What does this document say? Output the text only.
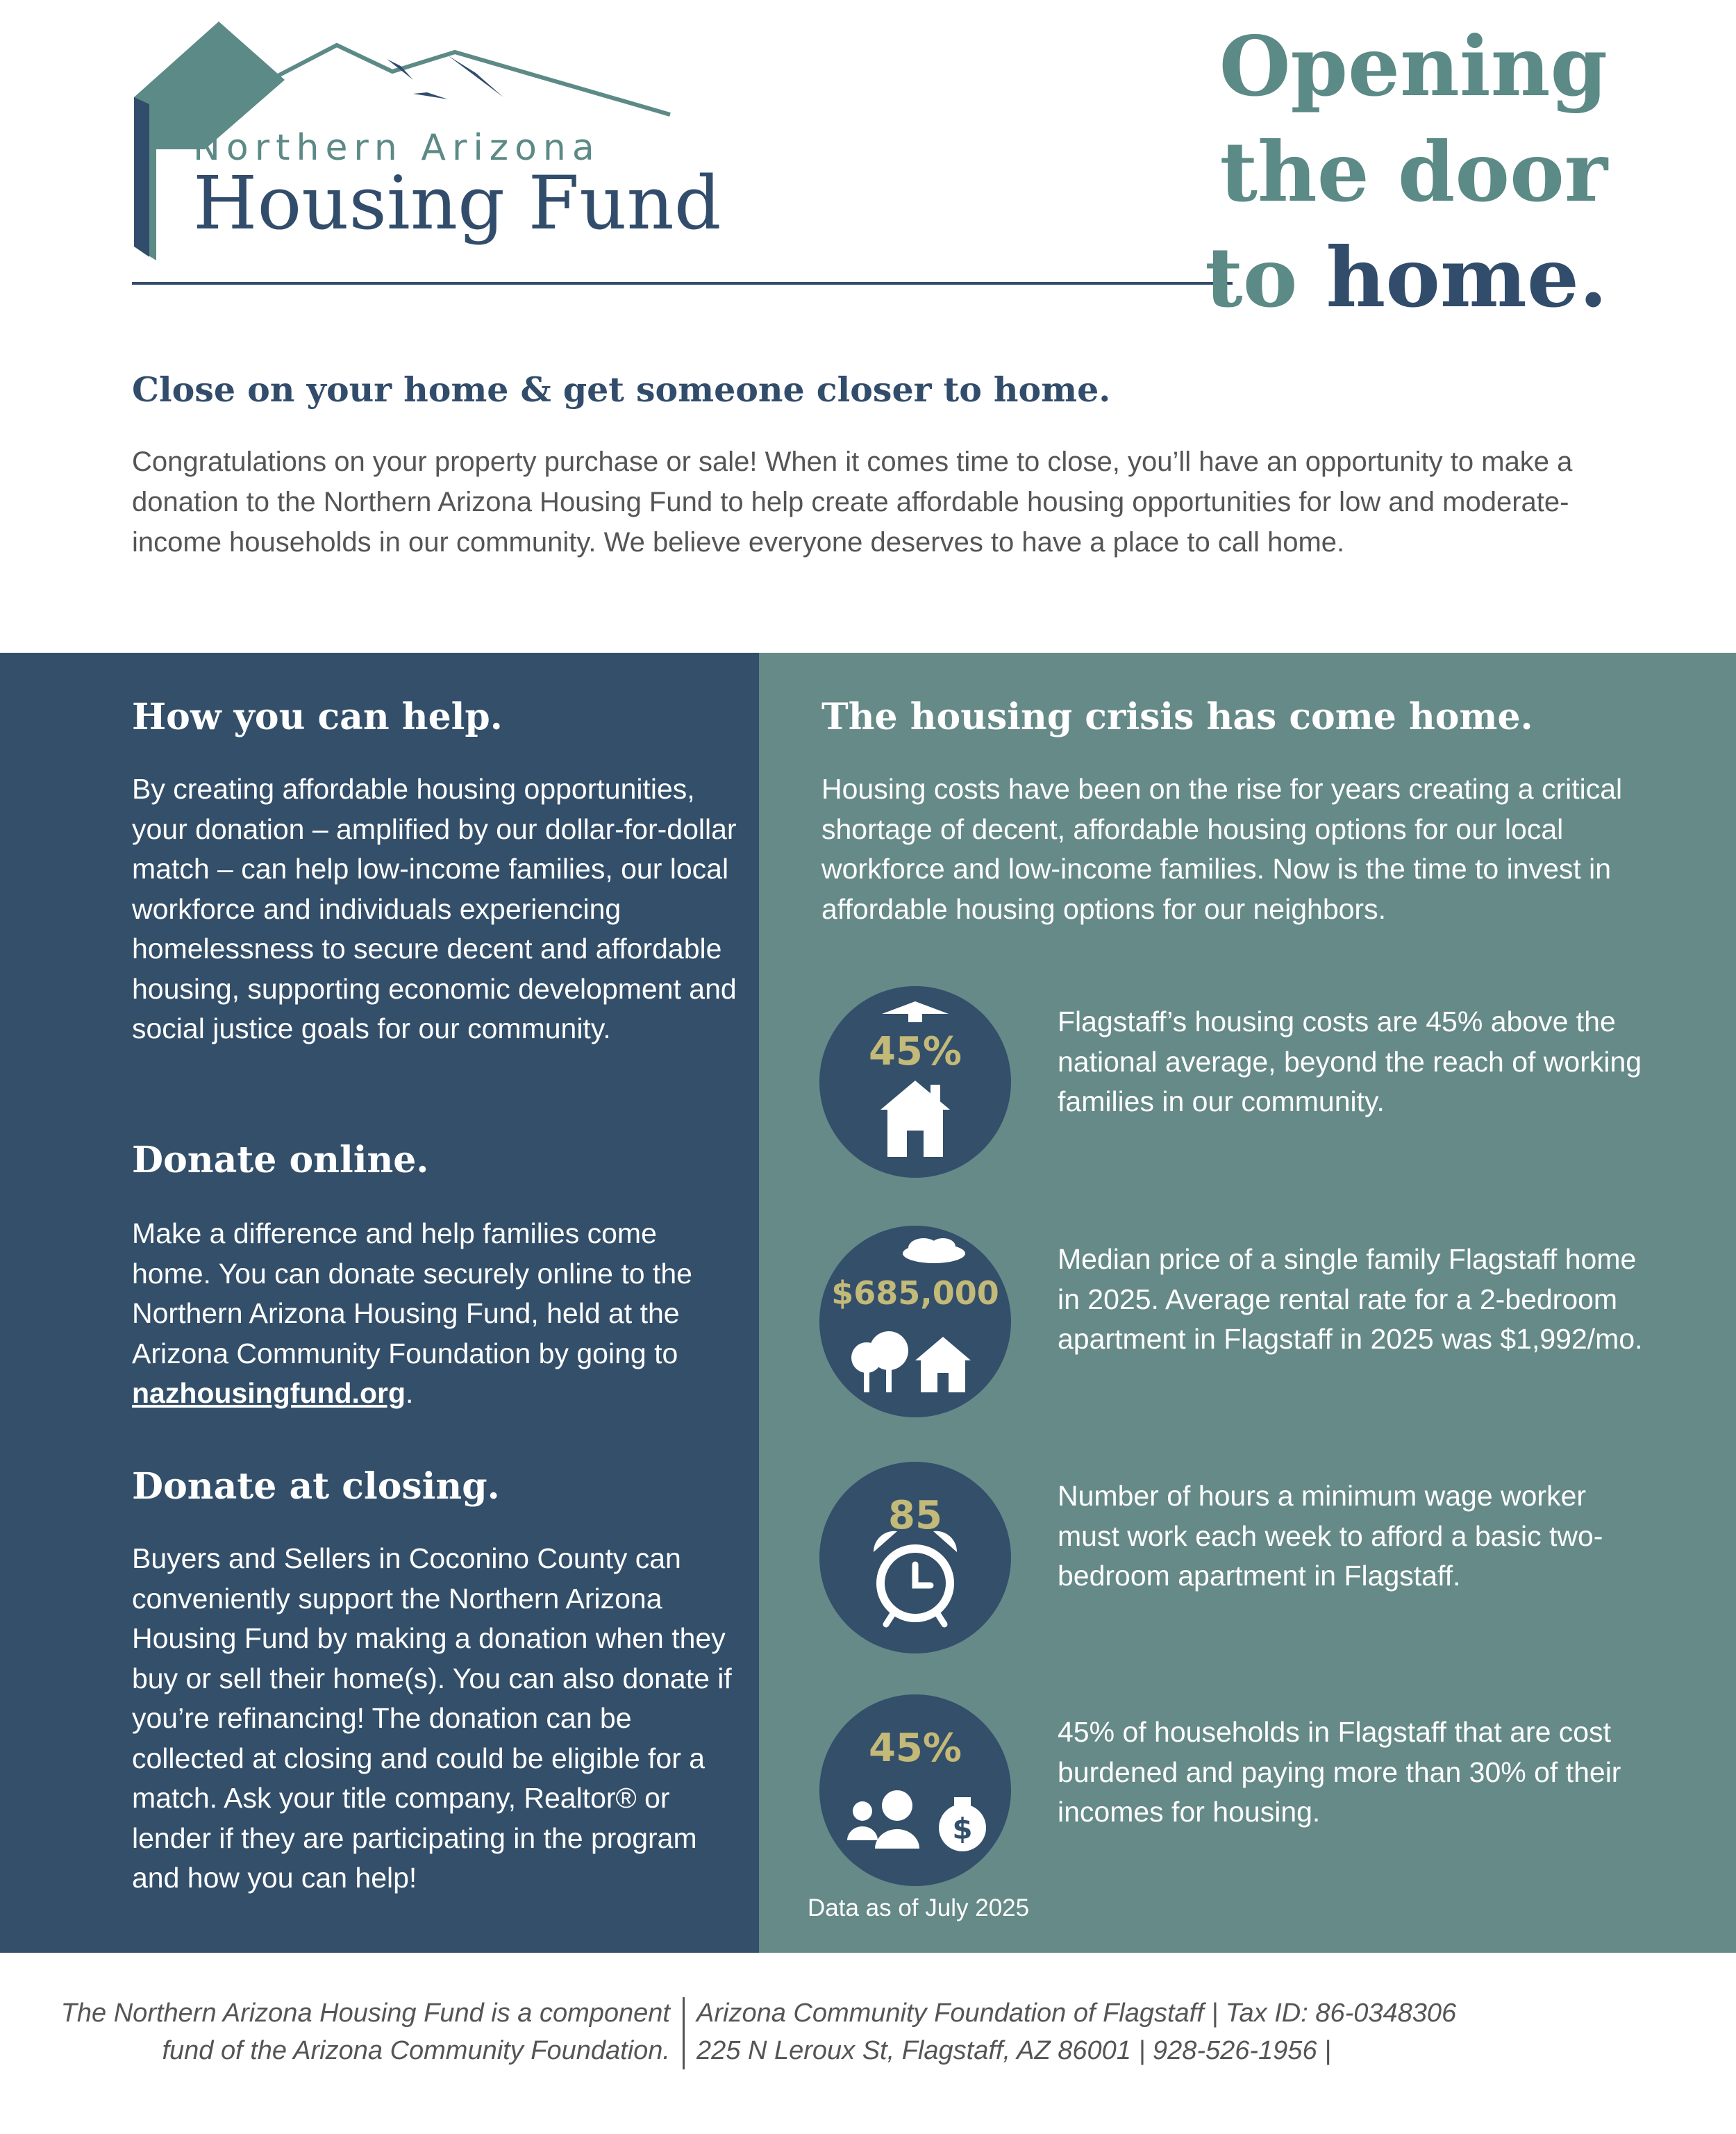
Northern Arizona
Housing Fund
Opening
the door
to home.
Close on your home & get someone closer to home.
Congratulations on your property purchase or sale! When it comes time to close, you’ll have an opportunity to make a donation to the Northern Arizona Housing Fund to help create affordable housing opportunities for low and moderate-income households in our community. We believe everyone deserves to have a place to call home.
How you can help.
By creating affordable housing opportunities, your donation – amplified by our dollar-for-dollar match – can help low-income families, our local workforce and individuals experiencing homelessness to secure decent and affordable housing, supporting economic development and social justice goals for our community.
Donate online.
Make a difference and help families come home. You can donate securely online to the Northern Arizona Housing Fund, held at the Arizona Community Foundation by going to nazhousingfund.org.
Donate at closing.
Buyers and Sellers in Coconino County can conveniently support the Northern Arizona Housing Fund by making a donation when they buy or sell their home(s). You can also donate if you’re refinancing! The donation can be collected at closing and could be eligible for a match. Ask your title company, Realtor® or lender if they are participating in the program and how you can help!
The housing crisis has come home.
Housing costs have been on the rise for years creating a critical shortage of decent, affordable housing options for our local workforce and low-income families. Now is the time to invest in affordable housing options for our neighbors.
45%
Flagstaff’s housing costs are 45% above the national average, beyond the reach of working families in our community.
$685,000
Median price of a single family Flagstaff home in 2025. Average rental rate for a 2-bedroom apartment in Flagstaff in 2025 was $1,992/mo.
85	Number of hours a minimum wage worker must work each week to afford a basic two-bedroom apartment in Flagstaff.
$
45%	45% of households in Flagstaff that are cost burdened and paying more than 30% of their incomes for housing.
Data as of July 2025
The Northern Arizona Housing Fund is a component
fund of the Arizona Community Foundation.
Arizona Community Foundation of Flagstaff | Tax ID: 86-0348306
225 N Leroux St, Flagstaff, AZ 86001 | 928-526-1956 |
